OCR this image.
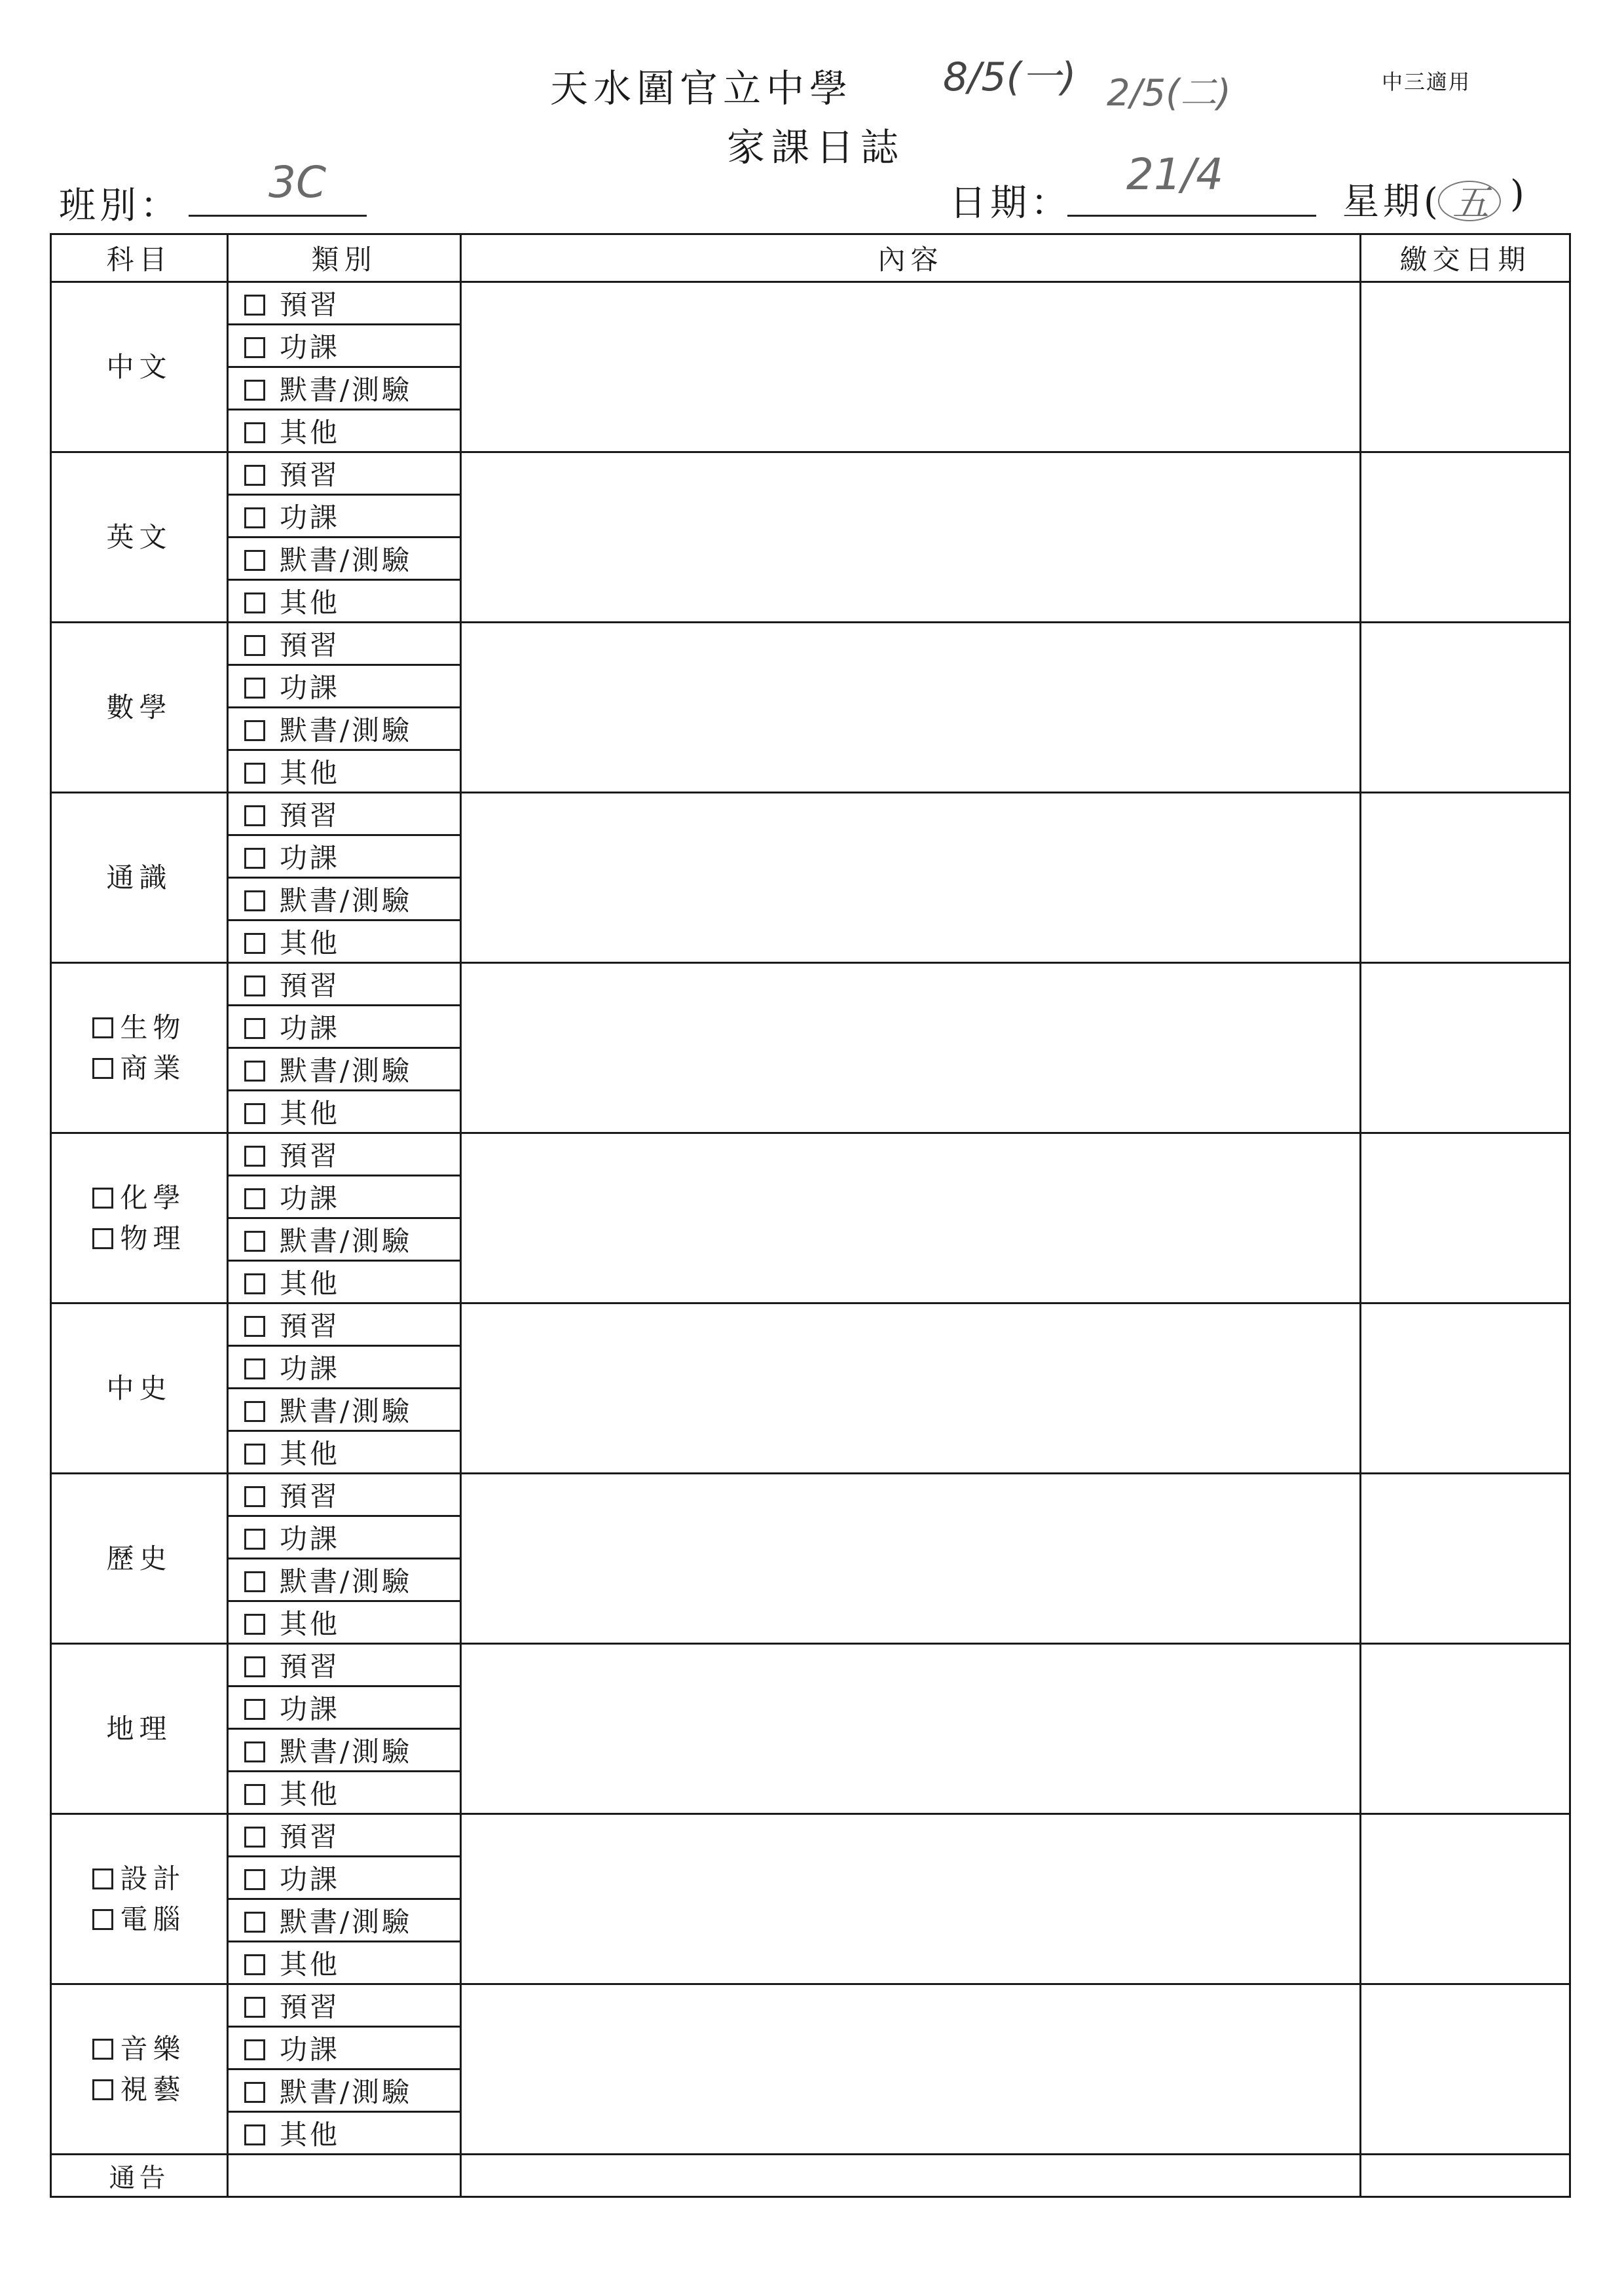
天水圍官立中學 8/5(一) 2/5(二)	中三適用
家課日誌
班別： 3C	日期：
21/4
星期( 五 )
科目	類別	內容	繳交日期

中文	預習		
	功課		
	默書/測驗		
	其他		

英文	預習		
	功課		
	默書/測驗		
	其他		

數學	預習		
	功課		
	默書/測驗		
	其他		

通識	預習		
	功課		
	默書/測驗		
	其他		

生物
商業	預習		
	功課		
	默書/測驗		
	其他		

化學
物理	預習		
	功課		
	默書/測驗		
	其他		

中史	預習		
	功課		
	默書/測驗		
	其他		

歷史	預習		
	功課		
	默書/測驗		
	其他		

地理	預習		
	功課		
	默書/測驗		
	其他		

設計
電腦	預習		
	功課		
	默書/測驗		
	其他		

音樂
視藝	預習		
	功課		
	默書/測驗		
	其他		
通告			
